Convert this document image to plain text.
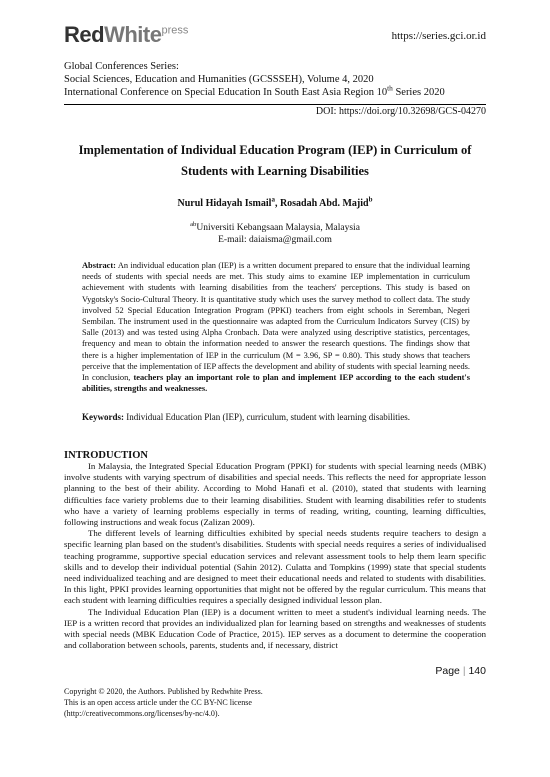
RedWhite$^{press}$	https://series.gci.or.id
Global Conferences Series:
Social Sciences, Education and Humanities (GCSSSEH), Volume 4, 2020
International Conference on Special Education In South East Asia Region 10th Series 2020
DOI: https://doi.org/10.32698/GCS-04270
Implementation of Individual Education Program (IEP) in Curriculum of Students with Learning Disabilities
Nurul Hidayah Ismail$^a$, Rosadah Abd. Majid$^b$
$^{ab}$Universiti Kebangsaan Malaysia, Malaysia
E-mail: daiaisma@gmail.com
Abstract: An individual education plan (IEP) is a written document prepared to ensure that the individual learning needs of students with special needs are met. This study aims to examine IEP implementation in curriculum achievement with students with learning disabilities from the teachers' perceptions. This study is based on Vygotsky's Socio-Cultural Theory. It is quantitative study which uses the survey method to collect data. The study involved 52 Special Education Integration Program (PPKI) teachers from eight schools in Seremban, Negeri Sembilan. The instrument used in the questionnaire was adapted from the Curriculum Indicators Survey (CIS) by Salle (2013) and was tested using Alpha Cronbach. Data were analyzed using descriptive statistics, percentages, frequency and mean to obtain the information needed to answer the research questions. The findings show that there is a higher implementation of IEP in the curriculum (M = 3.96, SP = 0.80). This study shows that teachers perceive that the implementation of IEP affects the development and ability of students with special learning needs. In conclusion, teachers play an important role to plan and implement IEP according to the each student's abilities, strengths and weaknesses.
Keywords: Individual Education Plan (IEP), curriculum, student with learning disabilities.
INTRODUCTION

In Malaysia, the Integrated Special Education Program (PPKI) for students with special learning needs (MBK) involve students with varying spectrum of disabilities and special needs. This reflects the need for appropriate lesson planning to the best of their ability. According to Mohd Hanafi et al. (2010), stated that students with learning difficulties face variety problems due to their learning disabilities. Student with learning disabilities refer to students who have a variety of learning problems especially in terms of reading, writing, counting, learning difficulties, following instructions and weak focus (Zalizan 2009).

The different levels of learning difficulties exhibited by special needs students require teachers to design a specific learning plan based on the student's disabilities. Students with special needs requires a series of individualised teaching programme, supportive special education services and relevant assessment tools to help them learn specific skills and to develop their individual potential (Sahin 2012). Culatta and Tompkins (1999) state that special students need individualized teaching and are designed to meet their educational needs and related to students with disabilities. In this light, PPKI provides learning opportunities that might not be offered by the regular curriculum. This means that each student with learning difficulties requires a specially designed individual lesson plan.

The Individual Education Plan (IEP) is a document written to meet a student's individual learning needs. The IEP is a written record that provides an individualized plan for learning based on strengths and weaknesses of students with special needs (MBK Education Code of Practice, 2015). IEP serves as a document to determine the cooperation and collaboration between schools, parents, students and, if necessary, district

Page | 140
Copyright © 2020, the Authors. Published by Redwhite Press.
This is an open access article under the CC BY-NC license
(http://creativecommons.org/licenses/by-nc/4.0).
